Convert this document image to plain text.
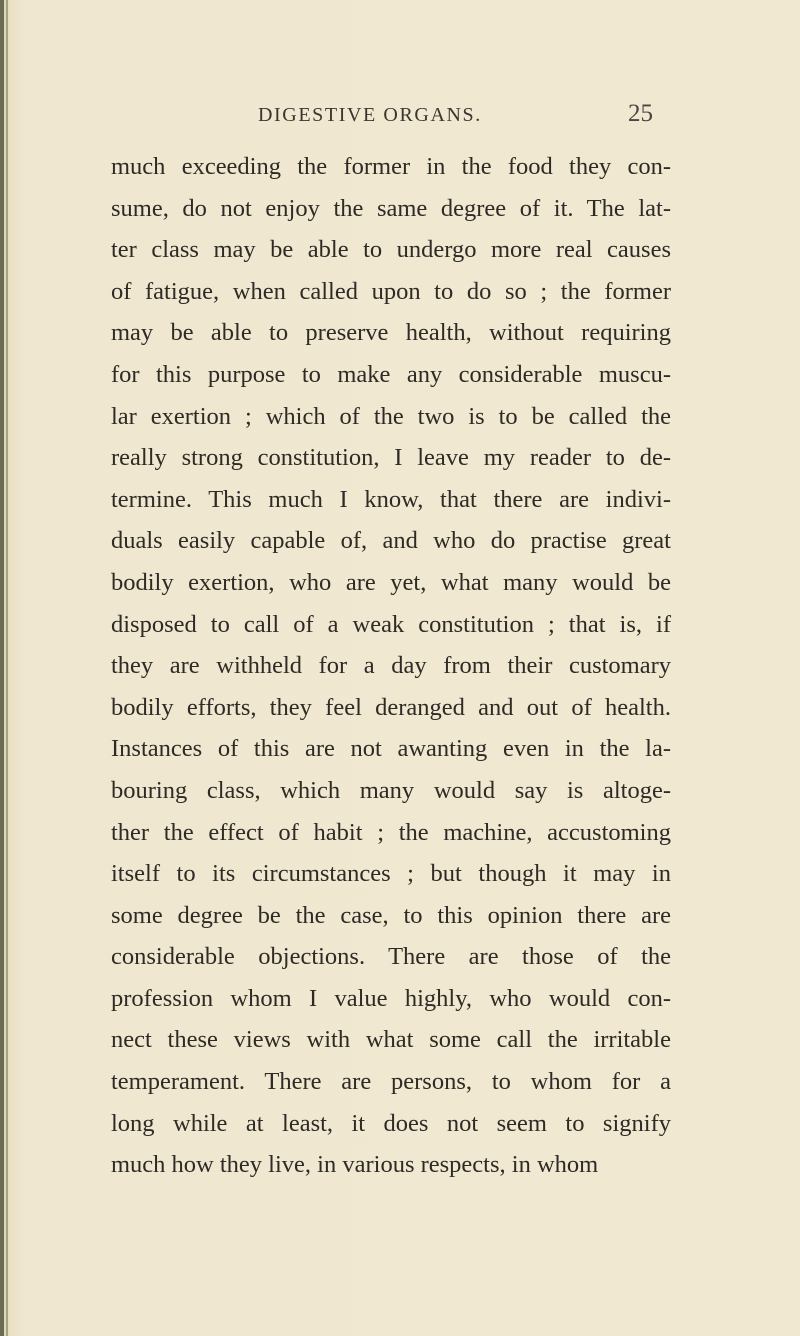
DIGESTIVE ORGANS.	25
much exceeding the former in the food they con-
sume, do not enjoy the same degree of it. The lat-
ter class may be able to undergo more real causes
of fatigue, when called upon to do so ; the former
may be able to preserve health, without requiring
for this purpose to make any considerable muscu-
lar exertion ; which of the two is to be called the
really strong constitution, I leave my reader to de-
termine. This much I know, that there are indivi-
duals easily capable of, and who do practise great
bodily exertion, who are yet, what many would be
disposed to call of a weak constitution ; that is, if
they are withheld for a day from their customary
bodily efforts, they feel deranged and out of health.
Instances of this are not awanting even in the la-
bouring class, which many would say is altoge-
ther the effect of habit ; the machine, accustoming
itself to its circumstances ; but though it may in
some degree be the case, to this opinion there are
considerable objections. There are those of the
profession whom I value highly, who would con-
nect these views with what some call the irritable
temperament. There are persons, to whom for a
long while at least, it does not seem to signify
much how they live, in various respects, in whom
